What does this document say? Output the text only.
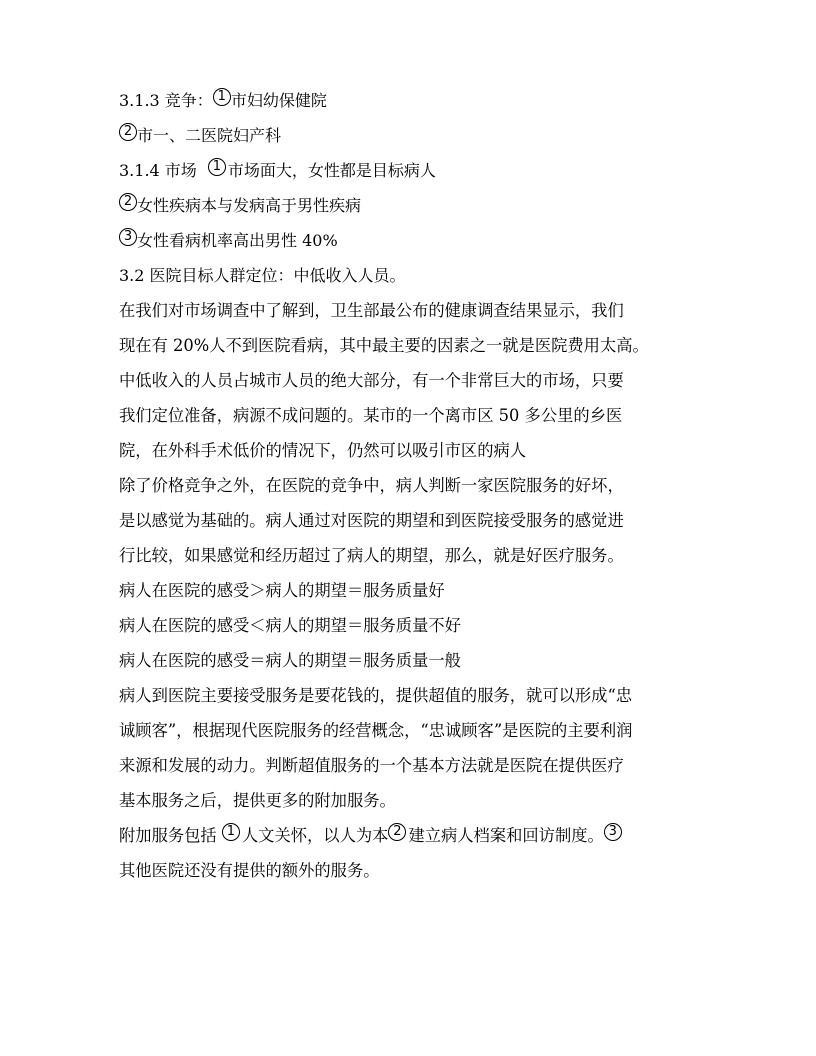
3.1.3 竞争： 1 市妇幼保健院
2 市一、二医院妇产科
3.1.4 市场 1 市场面大，女性都是目标病人
2 女性疾病本与发病高于男性疾病
3 女性看病机率高出男性 40%
3.2 医院目标人群定位：中低收入人员。
在我们对市场调查中了解到，卫生部最公布的健康调查结果显示，我们
现在有 20%人不到医院看病，其中最主要的因素之一就是医院费用太高。
中低收入的人员占城市人员的绝大部分，有一个非常巨大的市场，只要
我们定位准备，病源不成问题的。某市的一个离市区 50 多公里的乡医
院，在外科手术低价的情况下，仍然可以吸引市区的病人
除了价格竞争之外，在医院的竞争中，病人判断一家医院服务的好坏，
是以感觉为基础的。病人通过对医院的期望和到医院接受服务的感觉进
行比较，如果感觉和经历超过了病人的期望，那么，就是好医疗服务。
病人在医院的感受＞病人的期望＝服务质量好
病人在医院的感受＜病人的期望＝服务质量不好
病人在医院的感受＝病人的期望＝服务质量一般
病人到医院主要接受服务是要花钱的，提供超值的服务，就可以形成“忠
诚顾客”，根据现代医院服务的经营概念，“忠诚顾客”是医院的主要利润
来源和发展的动力。判断超值服务的一个基本方法就是医院在提供医疗
基本服务之后，提供更多的附加服务。
附加服务包括 1 人文关怀，以人为本 2 建立病人档案和回访制度。 3
其他医院还没有提供的额外的服务。
